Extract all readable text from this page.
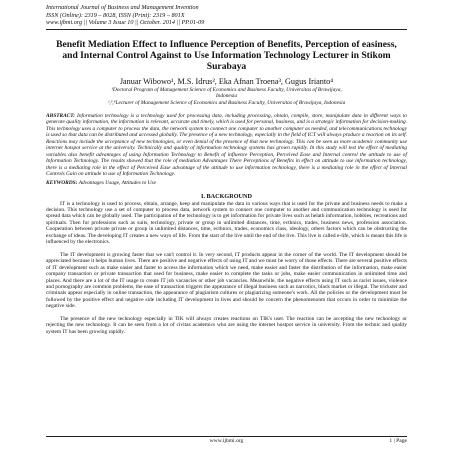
International Journal of Business and Management Invention
ISSN (Online): 2319 – 8028, ISSN (Print): 2319 – 801X
www.ijbmi.org || Volume 3 Issue 10 || October. 2014 || PP.01-09
Benefit Mediation Effect to Influence Perception of Benefits, Perception of easiness, and Internal Control Against to Use Information Technology Lecturer in Stikom Surabaya
Januar Wibowo¹, M.S. Idrus², Eka Afnan Troena³, Gugus Irianto⁴
¹Doctoral Program of Management Science of Economics and Business Faculty, Universitas of Brawijaya,
Indonesia
²,³,⁴Lecturer of Management Science of Economics and Business Faculty, Universitas of Brawijaya, Indonesia
ABSTRACT: Information technology is a technology used for processing data, including processing, obtain, compile, store, manipulate data in different ways to generate quality information, the information is relevant, accurate and timely, which is used for personal, business, and is a strategic information for decision-making. This technology uses a computer to process the data, the network system to connect one computer to another computer as needed, and telecommunications technology is used so that data can be distributed and accessed globally. The presence of a new technology, especially in the field of ICT will always produce a reaction on its self. Reactions may include the acceptance of new technologies, or even denial of the presence of that new technology. This can be seen as more academic community use internet hotspot service at the university. Technically and quality of information technology systems has grown rapidly. In this study will test the effect of mediating variables also benefit advantages of using Information Technology to Benefit of influence Perception, Perceived Ease and Internal control the attitude to use of Information Technology. The results showed that the role of mediation Advantages There Perceptions of Benefits in effect on attitude to use information technology, there is a mediating role in the effect of Perceived Ease advantage of the attitude to use information technology, there is a mediating role in the effect of Internal Controls Gain on attitude to use of Information Technology.
KEYWORDS: Advantages Usage, Attitudes to Use
I. BACKGROUND

IT is a technology is used to process, obtain, arrange, keep and manipulate the data in various ways that is used for the private and business needs to make a decision. This technology use a set of computer to process data, network system to connect one computer to another and communication technology is used for spread data which can be globally used. The participation of the technology is to get information for private lives such as helath information, hobbies, recreations and spirituals. Then for professions such as suits, technology, private or group in unlimited distances, time, ecthnics, trades, business news, profession association. Cooperation between private private or group in unlimited distances, time, ecthnics, trades, economics class, ideology, others factors which can be obstructing the exchange of ideas. The developing IT creates a new ways of life. From the start of the live until the end of the live. This live is called e-life, which is meant this life is influenced by the electronics.

The IT development is growing faster that we can't control it. In very second, IT products appear in the corner of the world. The IT development should be appreciated because it helps human lives. There are positive and negative effects of using IT and we must be worry of those effects. There are several positive effects of IT development such as make easier and faster to access the information which we need, make easier and faster the distribution of the information, make easier company transaction or private transaction that used for business, make easier to complete the tasks or jobs, make easier communication in unlimited time and places. And there are a lot of the IT usage to create IT job vacancies or other job vacancies. Meanwhile, the negative effects using IT such as racist issues, violence and pornography are common problems, the ease of transaction triggers the appearance of illegal business such as narcotics, black market or illegal. The trickster and criminals appear especially in online transaction, the appearance of plagiarism cultures or plagiarizing someone's work. All the policies or the development must be followed by the positive effect and negative side including IT development in lives and should be concern the phenomenonm that occurs in order to minimize the negative side.

The presence of the new technology especially in TIK will always creates reactions on TIK's user. The reaction can be accepting the new technology or rejecting the new technology. It can be seen from a lot of civitas academics who are using the internet hostpot service in university. From the technic and quality system IT has been growing rapidly.

www.ijbmi.org	1 | Page
